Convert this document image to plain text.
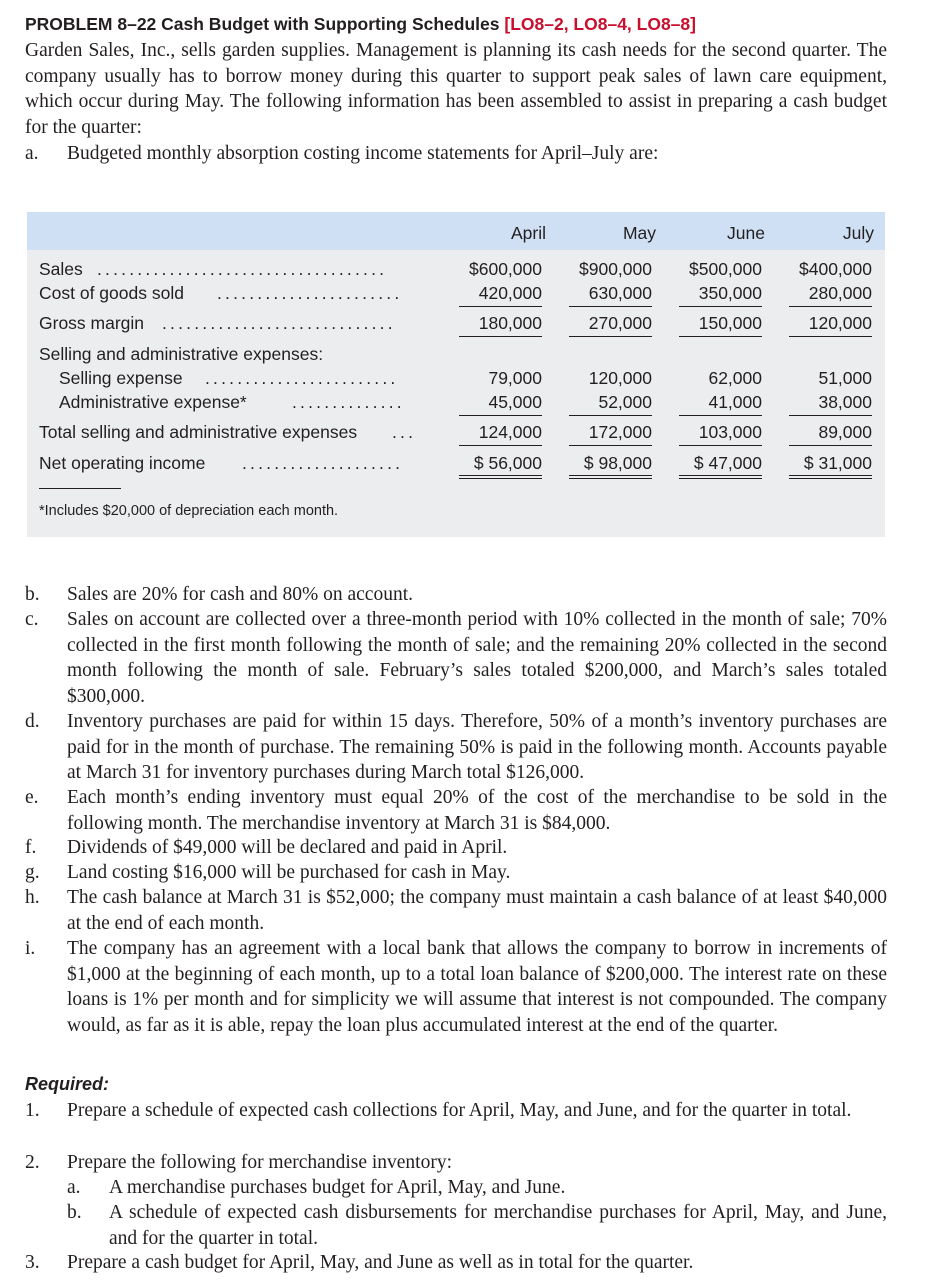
PROBLEM 8–22 Cash Budget with Supporting Schedules [LO8–2, LO8–4, LO8–8]
Garden Sales, Inc., sells garden supplies. Management is planning its cash needs for the second quarter. The company usually has to borrow money during this quarter to support peak sales of lawn care equipment, which occur during May. The following information has been assembled to assist in preparing a cash budget for the quarter:
a. Budgeted monthly absorption costing income statements for April–July are:
April	May	June	July
Sales ....................................	$600,000	$900,000	$500,000	$400,000
Cost of goods sold .......................	420,000	630,000	350,000	280,000
Gross margin .............................	180,000	270,000	150,000	120,000
Selling and administrative expenses:
Selling expense ........................	79,000	120,000	62,000	51,000
Administrative expense*	..............	45,000	52,000	41,000	38,000
Total selling and administrative expenses ...	124,000	172,000	103,000	89,000
Net operating income ....................	$ 56,000	$ 98,000	$ 47,000	$ 31,000
*Includes $20,000 of depreciation each month.
b. Sales are 20% for cash and 80% on account.
c. Sales on account are collected over a three-month period with 10% collected in the month of sale; 70% collected in the first month following the month of sale; and the remaining 20% collected in the second month following the month of sale. February’s sales totaled $200,000, and March’s sales totaled $300,000.
d. Inventory purchases are paid for within 15 days. Therefore, 50% of a month’s inventory purchases are paid for in the month of purchase. The remaining 50% is paid in the following month. Accounts payable at March 31 for inventory purchases during March total $126,000.
e. Each month’s ending inventory must equal 20% of the cost of the merchandise to be sold in the following month. The merchandise inventory at March 31 is $84,000.
f. Dividends of $49,000 will be declared and paid in April.
g. Land costing $16,000 will be purchased for cash in May.
h. The cash balance at March 31 is $52,000; the company must maintain a cash balance of at least $40,000 at the end of each month.
i. The company has an agreement with a local bank that allows the company to borrow in increments of $1,000 at the beginning of each month, up to a total loan balance of $200,000. The interest rate on these loans is 1% per month and for simplicity we will assume that interest is not compounded. The company would, as far as it is able, repay the loan plus accumulated interest at the end of the quarter.
Required:
1. Prepare a schedule of expected cash collections for April, May, and June, and for the quarter in total.
2. Prepare the following for merchandise inventory:
a. A merchandise purchases budget for April, May, and June.
b. A schedule of expected cash disbursements for merchandise purchases for April, May, and June, and for the quarter in total.
3. Prepare a cash budget for April, May, and June as well as in total for the quarter.
